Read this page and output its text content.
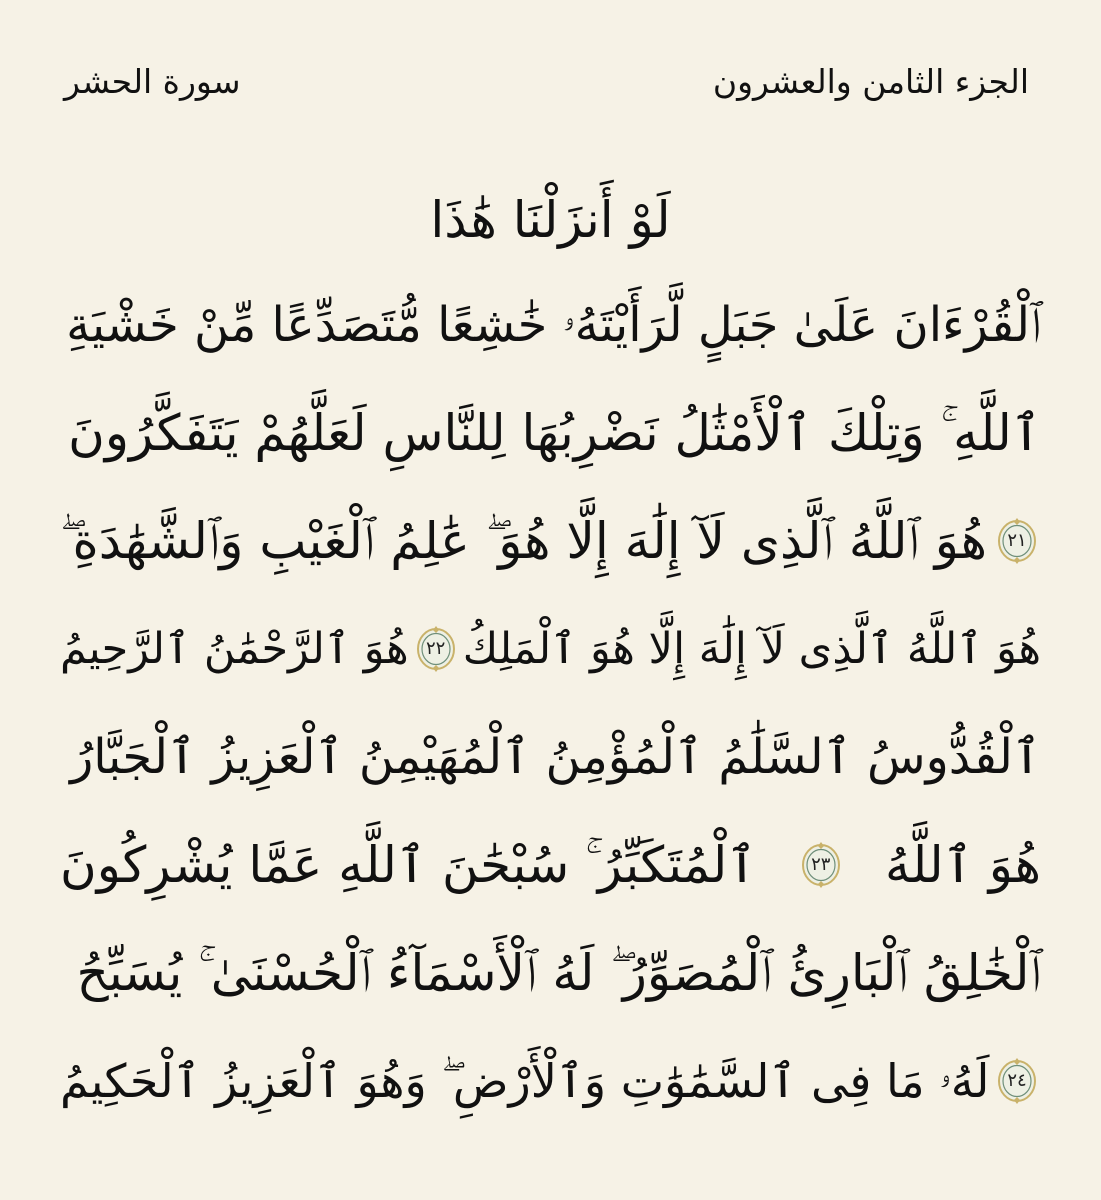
الجزء الثامن والعشرون
سورة الحشر
لَوْ أَنزَلْنَا هَٰذَا
ٱلْقُرْءَانَ عَلَىٰ جَبَلٍ لَّرَأَيْتَهُۥ خَٰشِعًا مُّتَصَدِّعًا مِّنْ خَشْيَةِ
ٱللَّهِ ۚ وَتِلْكَ ٱلْأَمْثَٰلُ نَضْرِبُهَا لِلنَّاسِ لَعَلَّهُمْ يَتَفَكَّرُونَ
٢١
هُوَ ٱللَّهُ ٱلَّذِى لَآ إِلَٰهَ إِلَّا هُوَ ۖ عَٰلِمُ ٱلْغَيْبِ وَٱلشَّهَٰدَةِ ۖ
هُوَ ٱللَّهُ ٱلَّذِى لَآ إِلَٰهَ إِلَّا هُوَ ٱلْمَلِكُ
٢٢
هُوَ ٱلرَّحْمَٰنُ ٱلرَّحِيمُ
ٱلْقُدُّوسُ ٱلسَّلَٰمُ ٱلْمُؤْمِنُ ٱلْمُهَيْمِنُ ٱلْعَزِيزُ ٱلْجَبَّارُ
هُوَ ٱللَّهُ
٢٣
ٱلْمُتَكَبِّرُ ۚ سُبْحَٰنَ ٱللَّهِ عَمَّا يُشْرِكُونَ
ٱلْخَٰلِقُ ٱلْبَارِئُ ٱلْمُصَوِّرُ ۖ لَهُ ٱلْأَسْمَآءُ ٱلْحُسْنَىٰ ۚ يُسَبِّحُ
٢٤
لَهُۥ مَا فِى ٱلسَّمَٰوَٰتِ وَٱلْأَرْضِ ۖ وَهُوَ ٱلْعَزِيزُ ٱلْحَكِيمُ
